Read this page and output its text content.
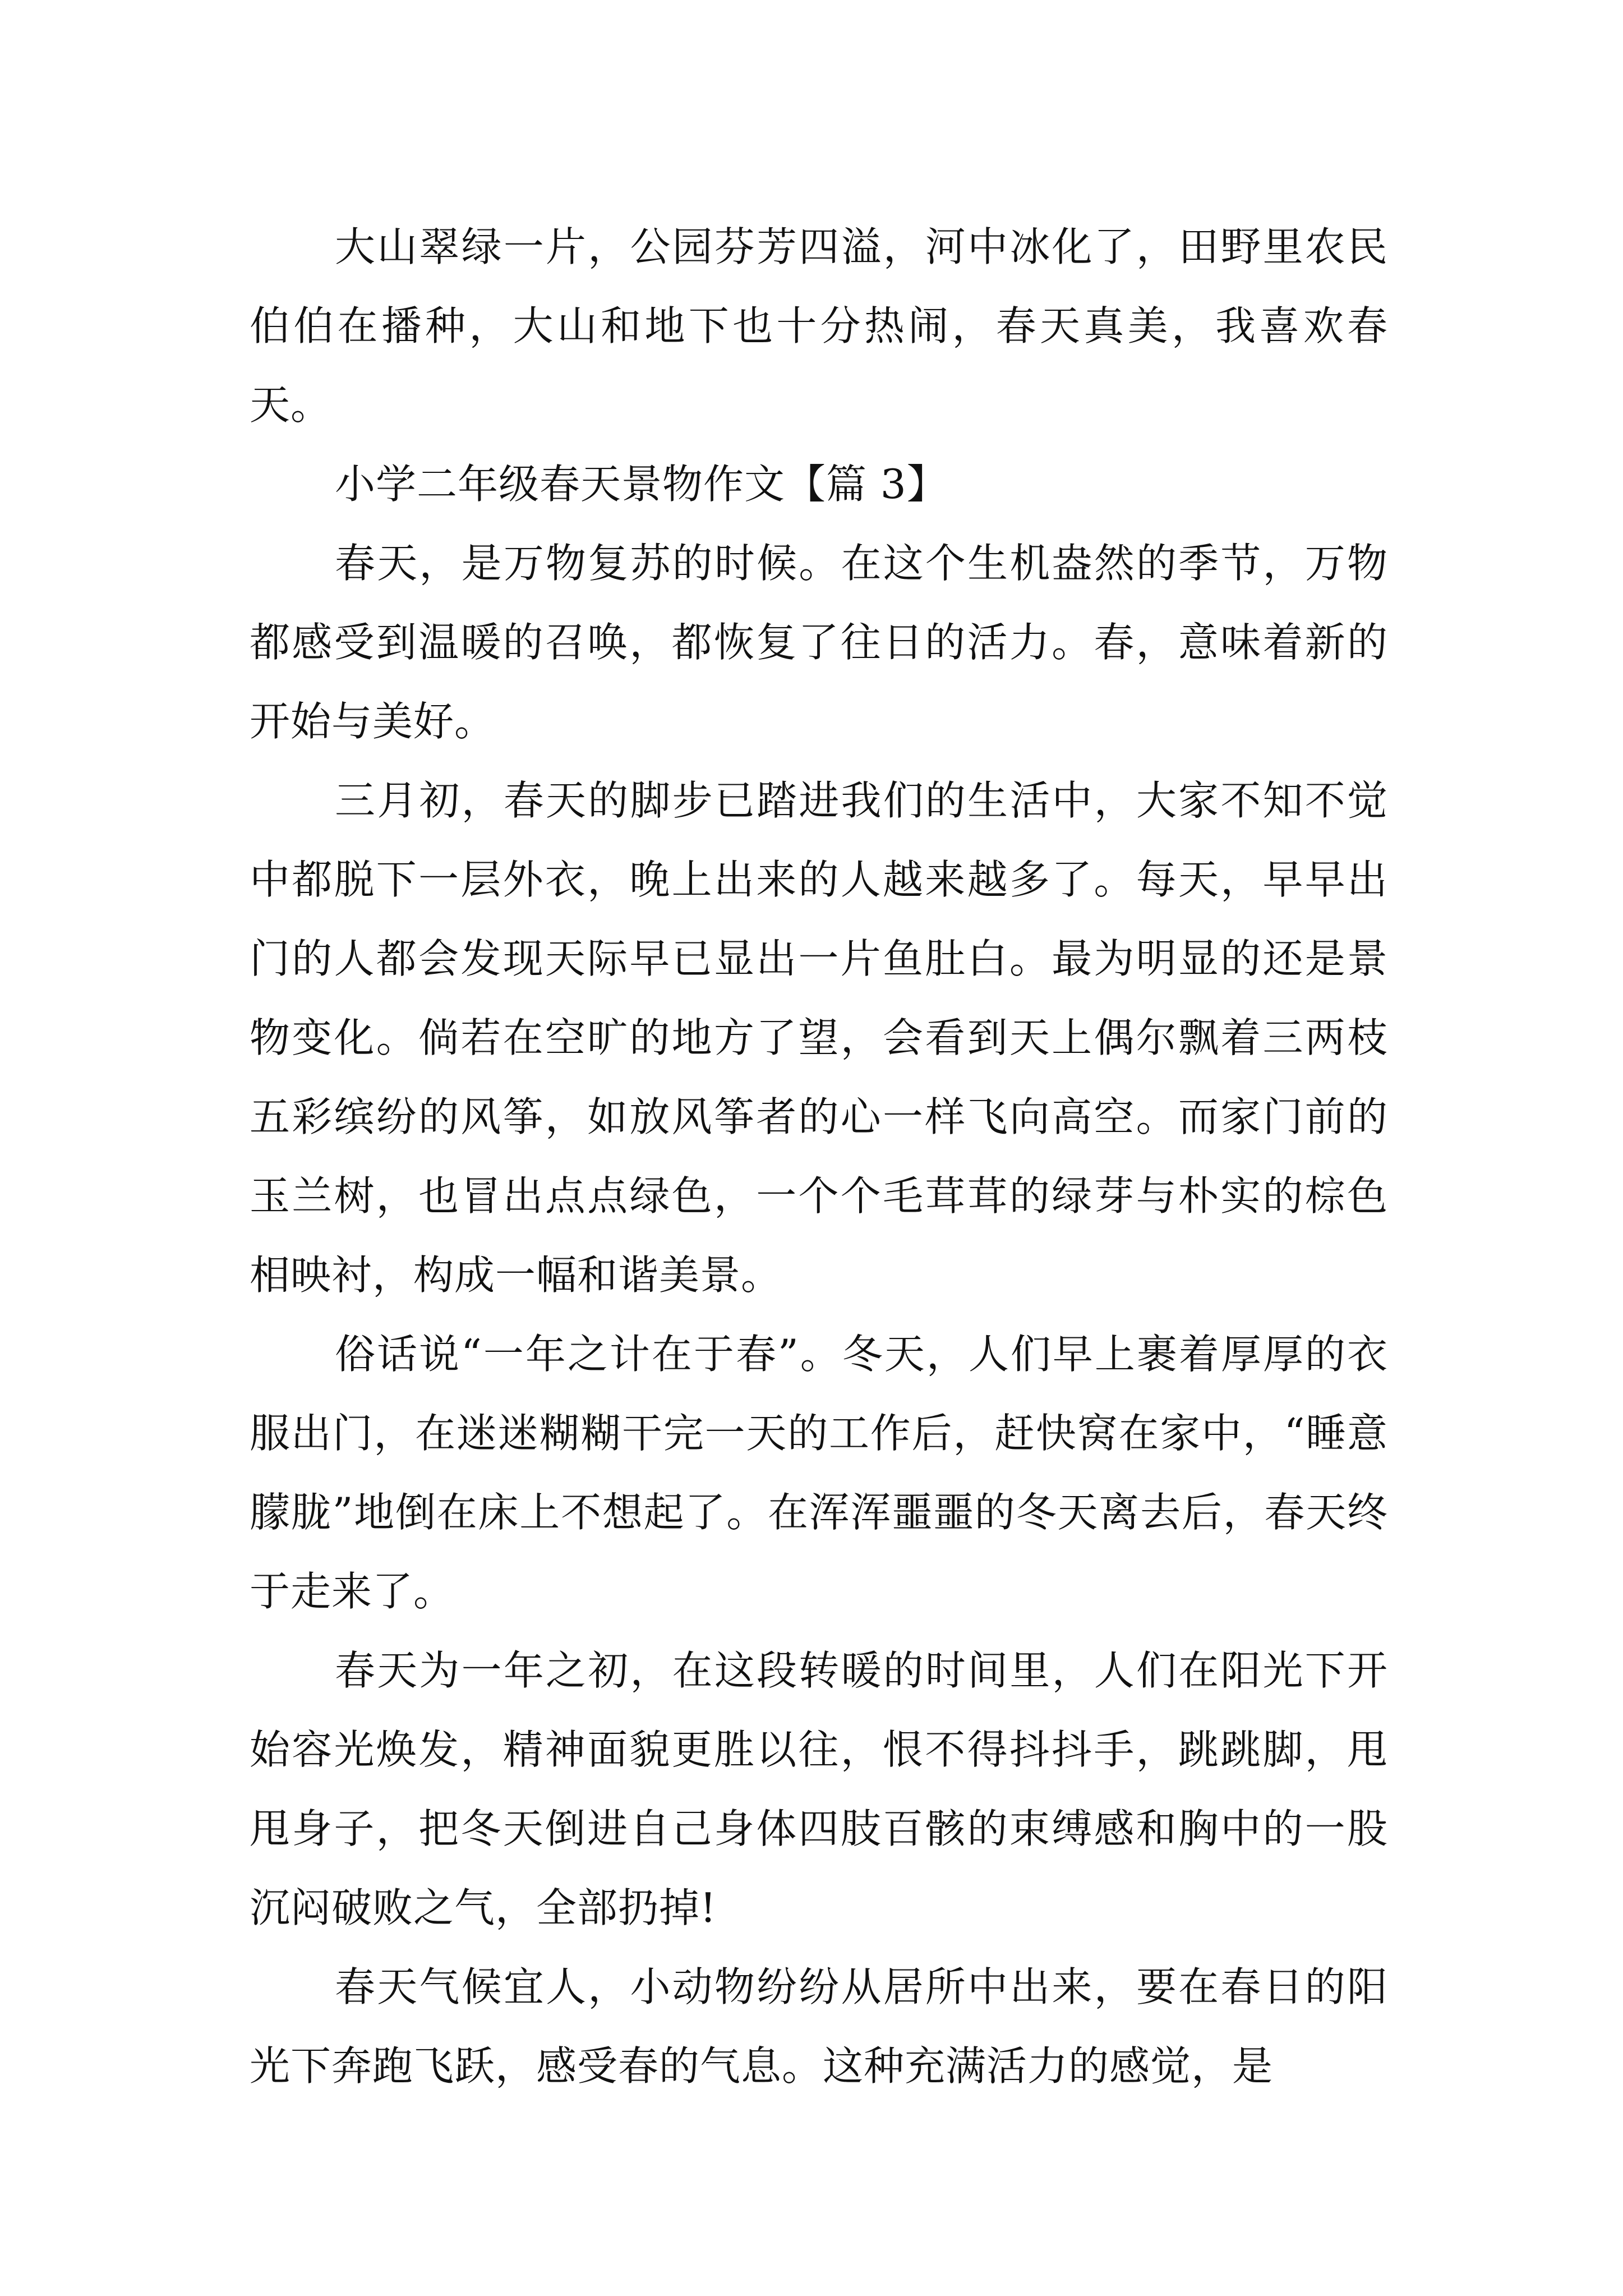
大山翠绿一片，公园芬芳四溢，河中冰化了，田野里农民伯伯在播种，大山和地下也十分热闹，春天真美，我喜欢春天。

小学二年级春天景物作文【篇 3】

春天，是万物复苏的时候。在这个生机盎然的季节，万物都感受到温暖的召唤，都恢复了往日的活力。春，意味着新的开始与美好。

三月初，春天的脚步已踏进我们的生活中，大家不知不觉中都脱下一层外衣，晚上出来的人越来越多了。每天，早早出门的人都会发现天际早已显出一片鱼肚白。最为明显的还是景物变化。倘若在空旷的地方了望，会看到天上偶尔飘着三两枝五彩缤纷的风筝，如放风筝者的心一样飞向高空。而家门前的玉兰树，也冒出点点绿色，一个个毛茸茸的绿芽与朴实的棕色相映衬，构成一幅和谐美景。

俗话说“一年之计在于春”。冬天，人们早上裹着厚厚的衣服出门，在迷迷糊糊干完一天的工作后，赶快窝在家中，“睡意朦胧”地倒在床上不想起了。在浑浑噩噩的冬天离去后，春天终于走来了。

春天为一年之初，在这段转暖的时间里，人们在阳光下开始容光焕发，精神面貌更胜以往，恨不得抖抖手，跳跳脚，甩甩身子，把冬天倒进自己身体四肢百骸的束缚感和胸中的一股沉闷破败之气，全部扔掉!

春天气候宜人，小动物纷纷从居所中出来，要在春日的阳光下奔跑飞跃，感受春的气息。这种充满活力的感觉，是
